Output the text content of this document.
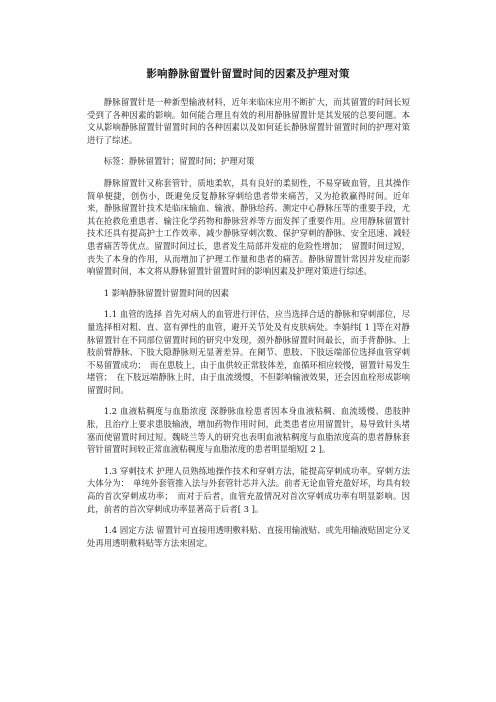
影响静脉留置针留置时间的因素及护理对策

静脉留置针是一种新型输液材料，近年来临床应用不断扩大，而其留置的时间长短受到了各种因素的影响。如何能合理且有效的利用静脉留置针是其发展的总要问题。本文从影响静脉留置针留置时间的各种因素以及如何延长静脉留置针留置时间的护理对策进行了综述。

标签：静脉留置针；留置时间；护理对策

静脉留置针又称套管针，质地柔软，具有良好的柔韧性，不易穿破血管，且其操作简单便捷，创伤小，既避免反复静脉穿刺给患者带来痛苦，又为抢救赢得时间。近年来，静脉留置针技术是临床输血、输液、静脉给药、测定中心静脉压等的重要手段，尤其在抢救危重患者、输注化学药物和静脉营养等方面发挥了重要作用。应用静脉留置针技术还具有提高护士工作效率、减少静脉穿刺次数、保护穿刺的静脉、安全迅速、减轻患者痛苦等优点。留置时间过长，患者发生局部并发症的危险性增加；　留置时间过短，丧失了本身的作用，从而增加了护理工作量和患者的痛苦。静脉留置针常因并发症而影响留置时间，本文将从静脉留置针留置时间的影响因素及护理对策进行综述。

1 影响静脉留置针留置时间的因素

1.1 血管的选择 首先对病人的血管进行评估，应当选择合适的静脉和穿刺部位，尽量选择相对粗、直、富有弹性的血管，避开关节处及有皮肤病处。李娟纬[ 1 ]等在对静脉留置针在不同部位留置时间的研究中发现，颈外静脉留置时间最长，而手背静脉、上肢前臂静脉、下肢大隐静脉则无显著差异。在阑节、患肢、下肢远端部位选择血管穿刺不易留置成功；　而在患肢上，由于血供较正常肢体差，血循环相应较慢，留置针易发生堵管；　在下肢远端静脉上时，由于血流缓慢，不但影响输液效果，还会因血栓形成影响留置时间。

1.2 血液粘稠度与血脂浓度 深静脉血栓患者因本身血液粘稠、血流缓慢、患肢肿胀，且治疗上要求患肢输液，增加药物作用时间，此类患者应用留置针，易导致针头堵塞而使留置时间过短。魏晓兰等人的研究也表明血液粘稠度与血脂浓度高的患者静脉套管针留置时间较正常血液粘稠度与血脂浓度的患者明显缩短[ 2 ]。

1.3 穿刺技术 护理人员熟练地操作技术和穿刺方法，能提高穿刺成功率。穿刺方法大体分为：　单纯外套管推入法与外套管针芯并入法。前者无论血管充盈好坏，均具有较高的首次穿刺成功率；　而对于后者，血管充盈情况对首次穿刺成功率有明显影响。因此，前者的首次穿刺成功率显著高于后者[ 3 ]。

1.4 固定方法 留置针可直接用透明敷料贴、直接用输液贴、或先用输液贴固定分叉处再用透明敷料贴等方法来固定。
